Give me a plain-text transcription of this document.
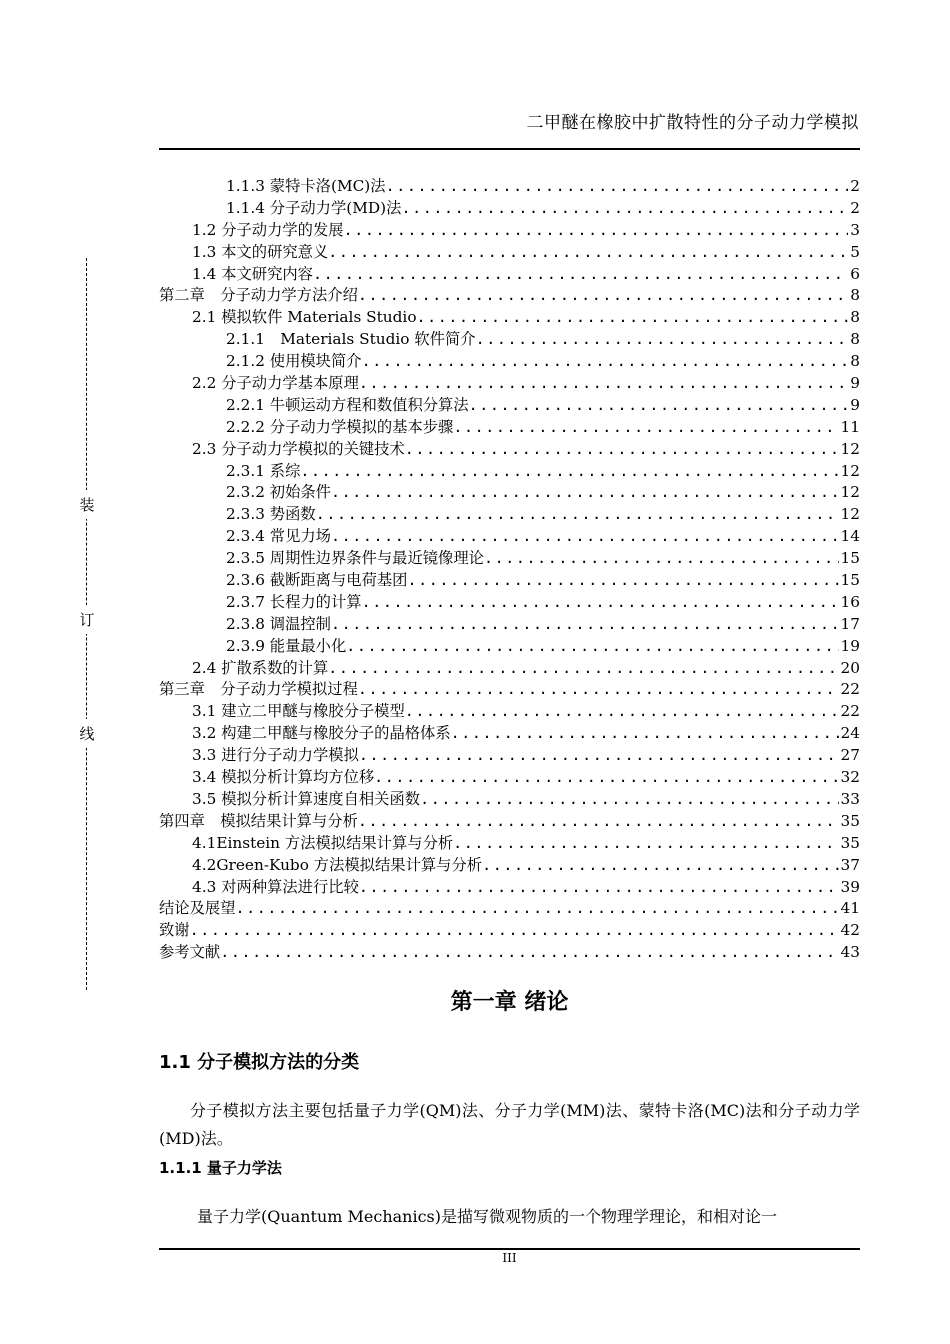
二甲醚在橡胶中扩散特性的分子动力学模拟
装
订
线
1.1.3 蒙特卡洛(MC)法 .....	2
1.1.4 分子动力学(MD)法 .....	2
1.2 分子动力学的发展 .....	3
1.3 本文的研究意义 .....	5
1.4 本文研究内容 .....	6
第二章　分子动力学方法介绍 .....	8
2.1 模拟软件 Materials Studio .....	8
2.1.1　Materials Studio 软件简介 .....	8
2.1.2 使用模块简介 .....	8
2.2 分子动力学基本原理 .....	9
2.2.1 牛顿运动方程和数值积分算法 .....	9
2.2.2 分子动力学模拟的基本步骤 .....	11
2.3 分子动力学模拟的关键技术 .....	12
2.3.1 系综 .....	12
2.3.2 初始条件 .....	12
2.3.3 势函数 .....	12
2.3.4 常见力场 .....	14
2.3.5 周期性边界条件与最近镜像理论 .....	15
2.3.6 截断距离与电荷基团 .....	15
2.3.7 长程力的计算 .....	16
2.3.8 调温控制 .....	17
2.3.9 能量最小化 .....	19
2.4 扩散系数的计算 .....	20
第三章　分子动力学模拟过程 .....	22
3.1 建立二甲醚与橡胶分子模型 .....	22
3.2 构建二甲醚与橡胶分子的晶格体系 .....	24
3.3 进行分子动力学模拟 .....	27
3.4 模拟分析计算均方位移 .....	32
3.5 模拟分析计算速度自相关函数 .....	33
第四章　模拟结果计算与分析 .....	35
4.1Einstein 方法模拟结果计算与分析 .....	35
4.2Green-Kubo 方法模拟结果计算与分析 .....	37
4.3 对两种算法进行比较 .....	39
结论及展望 .....	41
致谢 .....	42
参考文献 .....	43
第一章 绪论
1.1 分子模拟方法的分类

分子模拟方法主要包括量子力学(QM)法、分子力学(MM)法、蒙特卡洛(MC)法和分子动力学(MD)法。

1.1.1 量子力学法

量子力学(Quantum Mechanics)是描写微观物质的一个物理学理论，和相对论一

III
